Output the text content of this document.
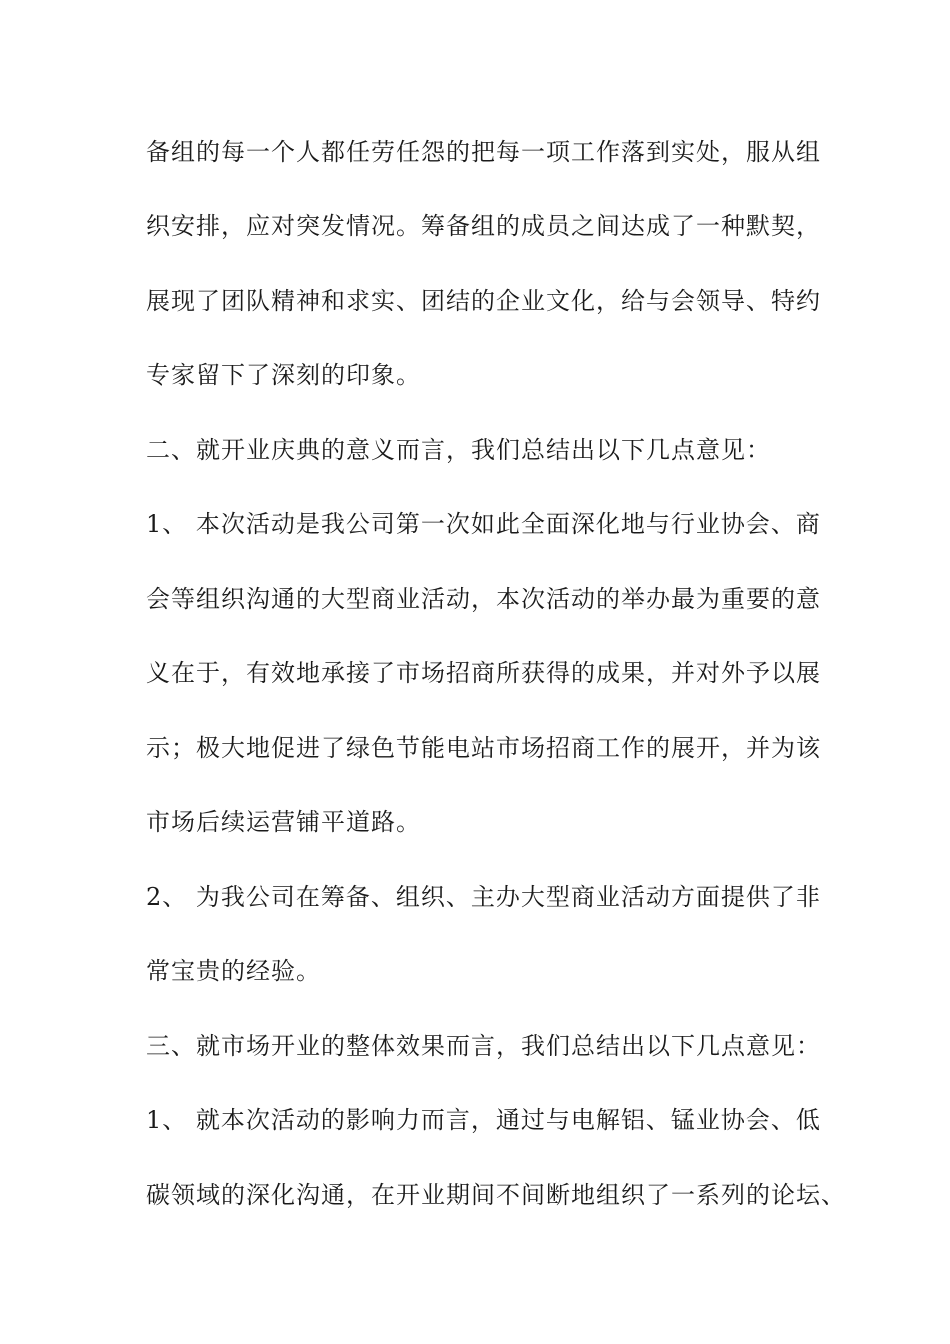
备组的每一个人都任劳任怨的把每一项工作落到实处，服从组
织安排，应对突发情况。筹备组的成员之间达成了一种默契，
展现了团队精神和求实、团结的企业文化，给与会领导、特约
专家留下了深刻的印象。
二、就开业庆典的意义而言，我们总结出以下几点意见：
1、 本次活动是我公司第一次如此全面深化地与行业协会、商
会等组织沟通的大型商业活动，本次活动的举办最为重要的意
义在于，有效地承接了市场招商所获得的成果，并对外予以展
示；极大地促进了绿色节能电站市场招商工作的展开，并为该
市场后续运营铺平道路。
2、 为我公司在筹备、组织、主办大型商业活动方面提供了非
常宝贵的经验。
三、就市场开业的整体效果而言，我们总结出以下几点意见：
1、 就本次活动的影响力而言，通过与电解铝、锰业协会、低
碳领域的深化沟通，在开业期间不间断地组织了一系列的论坛、
